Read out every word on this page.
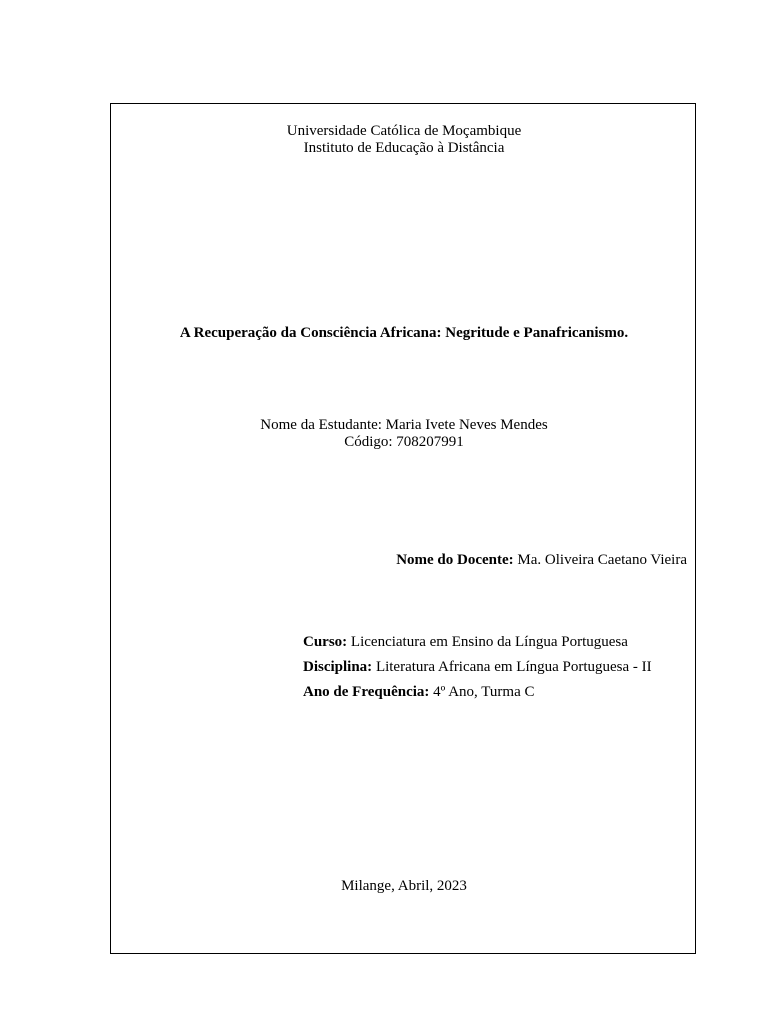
Universidade Católica de Moçambique
Instituto de Educação à Distância
A Recuperação da Consciência Africana: Negritude e Panafricanismo.
Nome da Estudante: Maria Ivete Neves Mendes
Código: 708207991
Nome do Docente: Ma. Oliveira Caetano Vieira
Curso: Licenciatura em Ensino da Língua Portuguesa
Disciplina: Literatura Africana em Língua Portuguesa - II
Ano de Frequência: 4º Ano, Turma C
Milange, Abril, 2023
